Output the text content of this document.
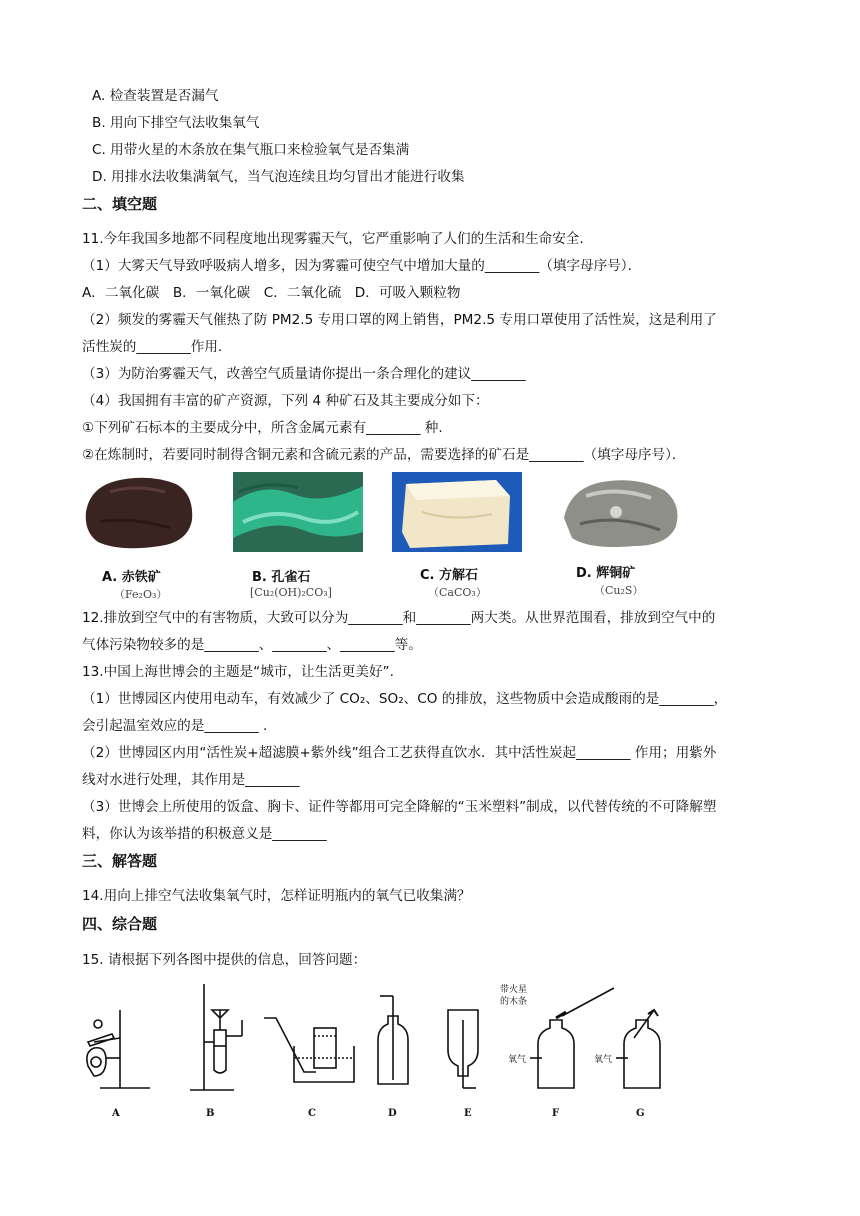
A. 检查装置是否漏气
B. 用向下排空气法收集氧气
C. 用带火星的木条放在集气瓶口来检验氧气是否集满
D. 用排水法收集满氧气，当气泡连续且均匀冒出才能进行收集
二、填空题
11.今年我国多地都不同程度地出现雾霾天气，它严重影响了人们的生活和生命安全．
（1）大雾天气导致呼吸病人增多，因为雾霾可使空气中增加大量的________（填字母序号）．
A．二氧化碳　B．一氧化碳　C．二氧化硫　D．可吸入颗粒物
（2）频发的雾霾天气催热了防 PM2.5 专用口罩的网上销售，PM2.5 专用口罩使用了活性炭，这是利用了
活性炭的________作用．
（3）为防治雾霾天气，改善空气质量请你提出一条合理化的建议________
（4）我国拥有丰富的矿产资源，下列 4 种矿石及其主要成分如下：
①下列矿石标本的主要成分中，所含金属元素有________ 种.
②在炼制时，若要同时制得含铜元素和含硫元素的产品，需要选择的矿石是________（填字母序号）．
A. 赤铁矿
（Fe₂O₃）
B. 孔雀石
[Cu₂(OH)₂CO₃]
C. 方解石
（CaCO₃）
D. 辉铜矿
（Cu₂S）
12.排放到空气中的有害物质，大致可以分为________和________两大类。从世界范围看，排放到空气中的
气体污染物较多的是________、________、________等。
13.中国上海世博会的主题是“城市，让生活更美好”.
（1）世博园区内使用电动车，有效减少了 CO₂、SO₂、CO 的排放，这些物质中会造成酸雨的是________，
会引起温室效应的是________ .
（2）世博园区内用“活性炭+超滤膜+紫外线”组合工艺获得直饮水．其中活性炭起________ 作用；用紫外
线对水进行处理，其作用是________
（3）世博会上所使用的饭盒、胸卡、证件等都用可完全降解的“玉米塑料”制成，以代替传统的不可降解塑
料，你认为该举措的积极意义是________
三、解答题
14.用向上排空气法收集氧气时，怎样证明瓶内的氧气已收集满？
四、综合题
15. 请根据下列各图中提供的信息，回答问题：
A	B	C	D	E	F	G
带火星
的木条
氧气	氧气
